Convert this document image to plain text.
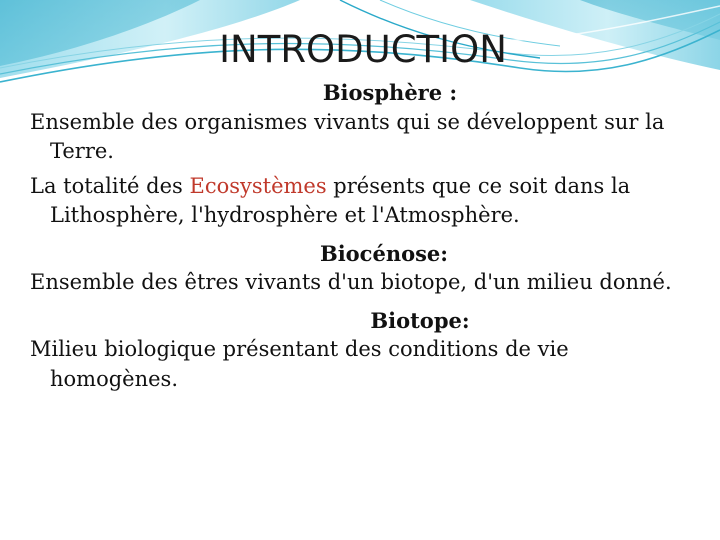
INTRODUCTION

Biosphère :

Ensemble des organismes vivants qui se développent sur la Terre.

La totalité des Ecosystèmes présents que ce soit dans la Lithosphère, l'hydrosphère et l'Atmosphère.

Biocénose:

Ensemble des êtres vivants d'un biotope, d'un milieu donné.

Biotope:

Milieu biologique présentant des conditions de vie homogènes.
